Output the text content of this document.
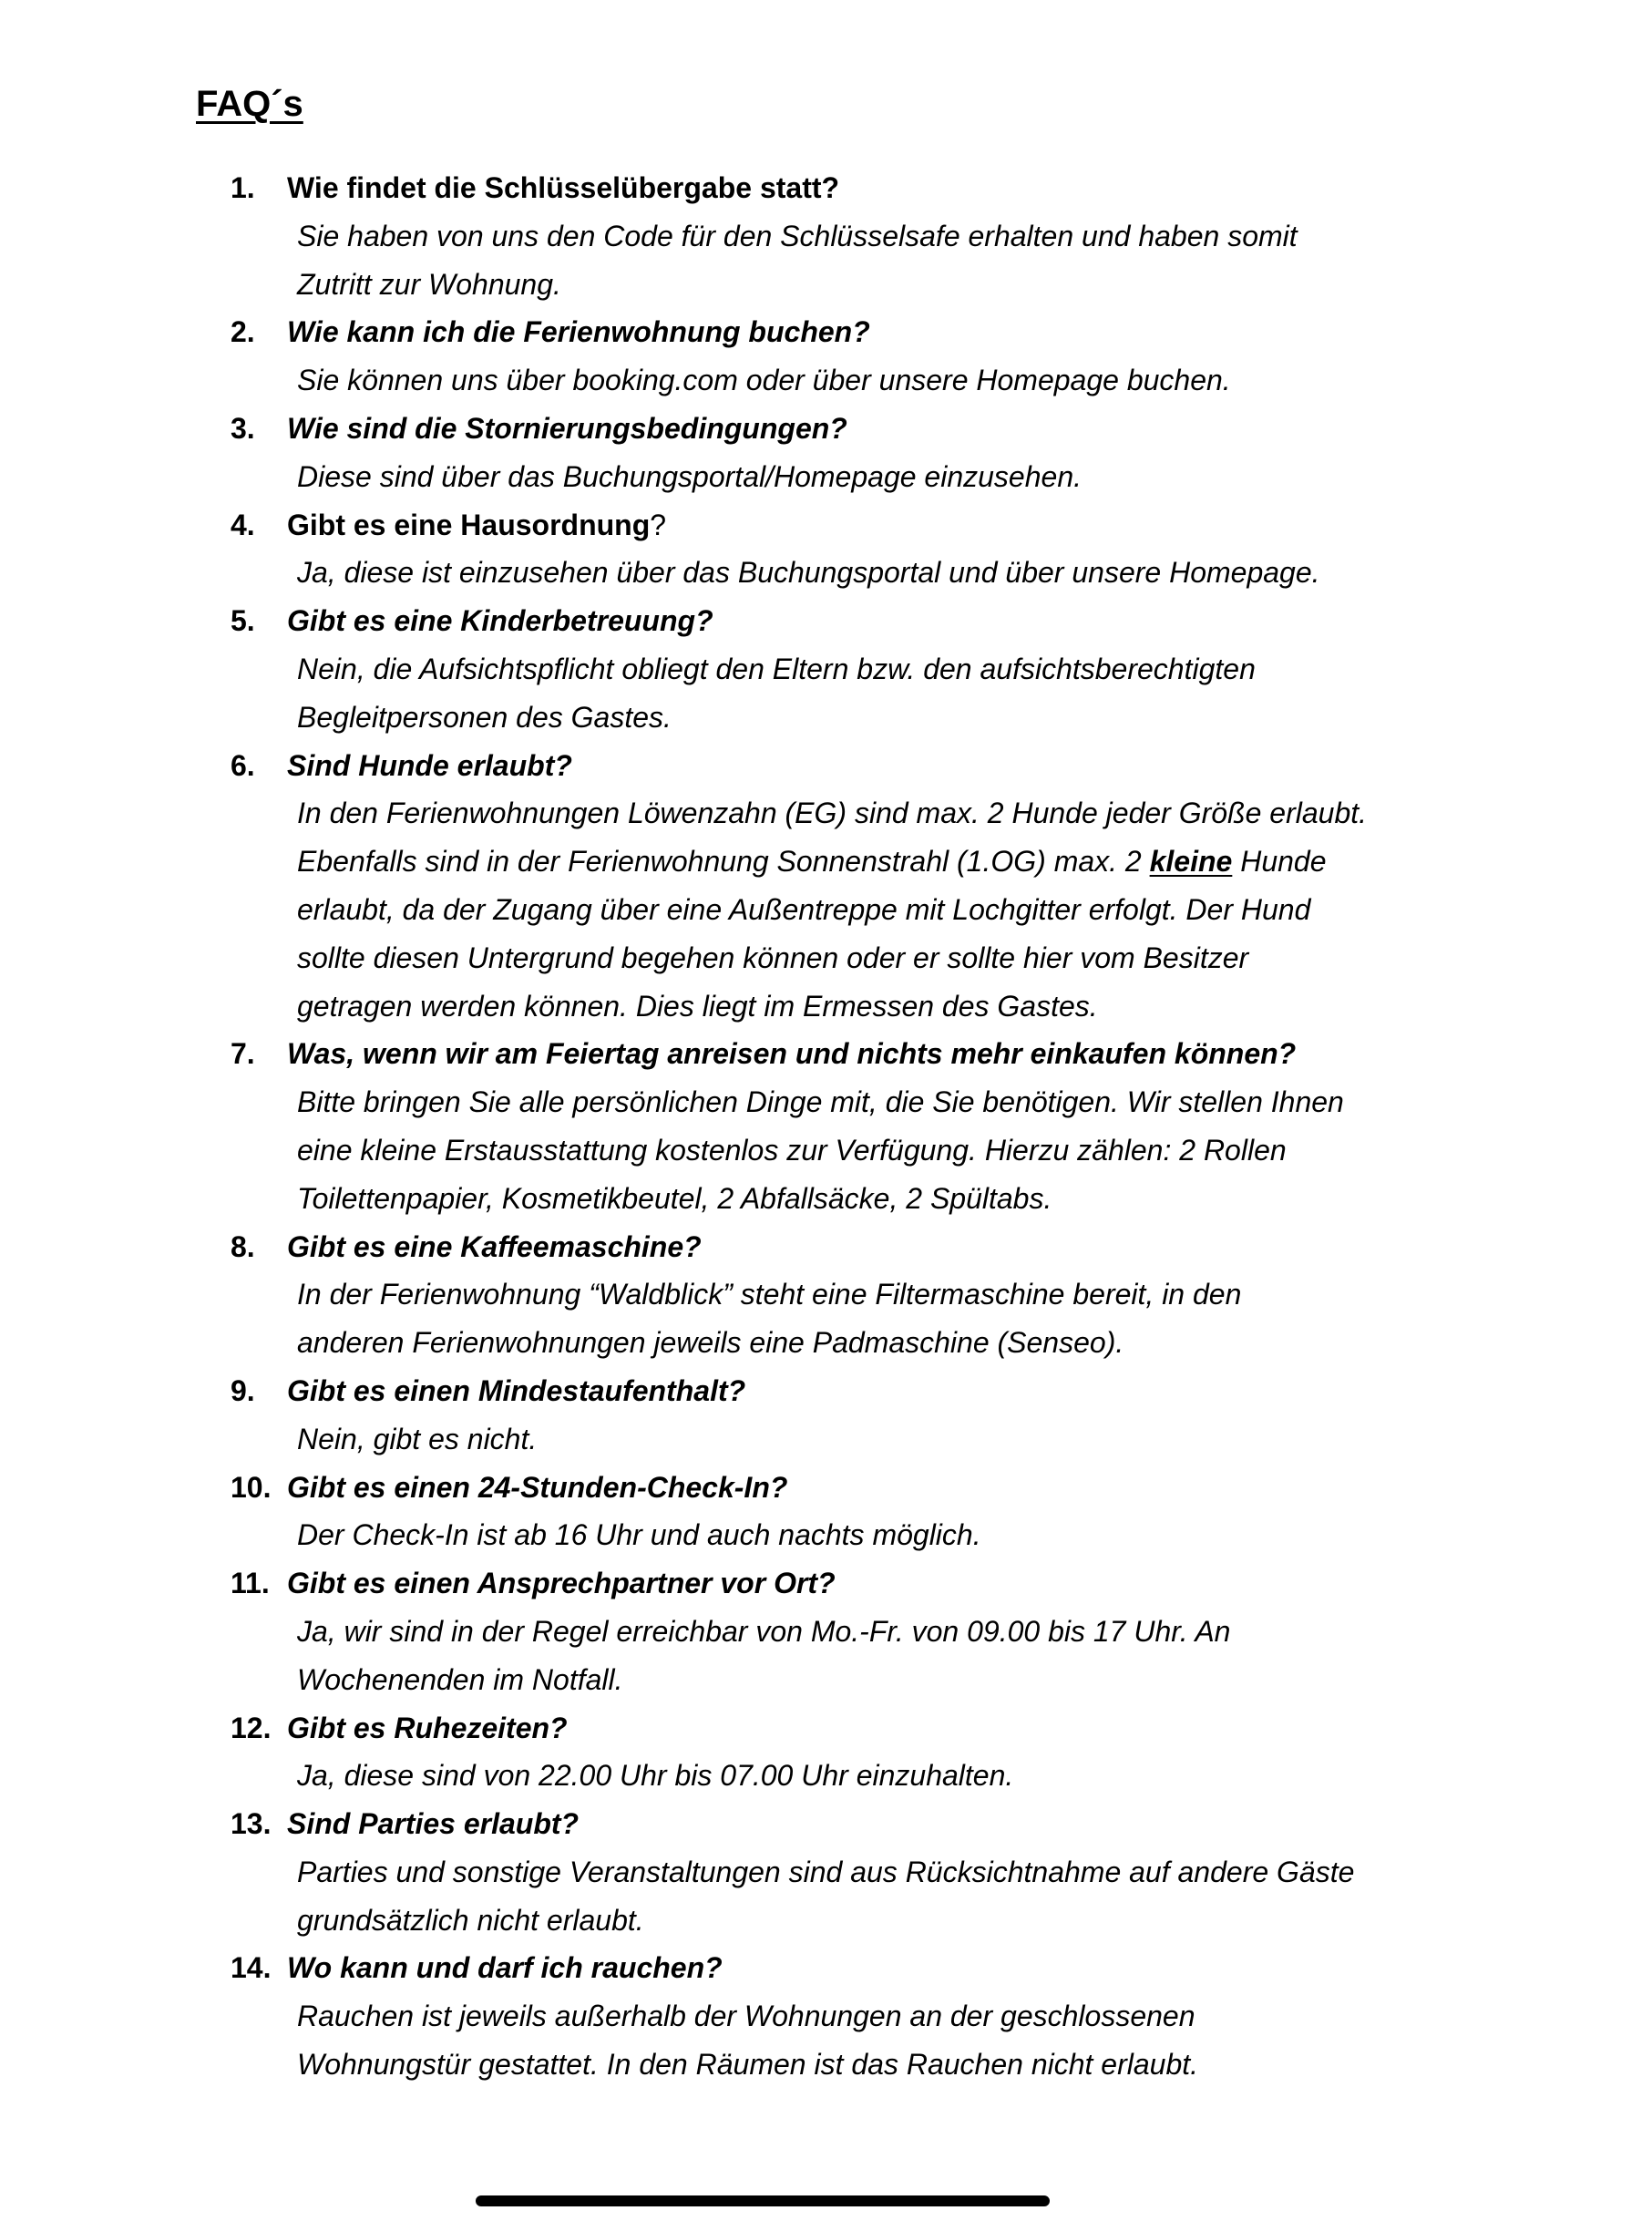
FAQ´s
1.	Wie findet die Schlüsselübergabe statt?
Sie haben von uns den Code für den Schlüsselsafe erhalten und haben somit
Zutritt zur Wohnung.
2.	Wie kann ich die Ferienwohnung buchen?
Sie können uns über booking.com oder über unsere Homepage buchen.
3.	Wie sind die Stornierungsbedingungen?
Diese sind über das Buchungsportal/Homepage einzusehen.
4.	Gibt es eine Hausordnung?
Ja, diese ist einzusehen über das Buchungsportal und über unsere Homepage.
5.	Gibt es eine Kinderbetreuung?
Nein, die Aufsichtspflicht obliegt den Eltern bzw. den aufsichtsberechtigten
Begleitpersonen des Gastes.
6.	Sind Hunde erlaubt?
In den Ferienwohnungen Löwenzahn (EG) sind max. 2 Hunde jeder Größe erlaubt.
Ebenfalls sind in der Ferienwohnung Sonnenstrahl (1.OG) max. 2 kleine Hunde
erlaubt, da der Zugang über eine Außentreppe mit Lochgitter erfolgt. Der Hund
sollte diesen Untergrund begehen können oder er sollte hier vom Besitzer
getragen werden können. Dies liegt im Ermessen des Gastes.
7.	Was, wenn wir am Feiertag anreisen und nichts mehr einkaufen können?
Bitte bringen Sie alle persönlichen Dinge mit, die Sie benötigen. Wir stellen Ihnen
eine kleine Erstausstattung kostenlos zur Verfügung. Hierzu zählen: 2 Rollen
Toilettenpapier, Kosmetikbeutel, 2 Abfallsäcke, 2 Spültabs.
8.	Gibt es eine Kaffeemaschine?
In der Ferienwohnung “Waldblick” steht eine Filtermaschine bereit, in den
anderen Ferienwohnungen jeweils eine Padmaschine (Senseo).
9.	Gibt es einen Mindestaufenthalt?
Nein, gibt es nicht.
10. Gibt es einen 24-Stunden-Check-In?
Der Check-In ist ab 16 Uhr und auch nachts möglich.
11. Gibt es einen Ansprechpartner vor Ort?
Ja, wir sind in der Regel erreichbar von Mo.-Fr. von 09.00 bis 17 Uhr. An
Wochenenden im Notfall.
12. Gibt es Ruhezeiten?
Ja, diese sind von 22.00 Uhr bis 07.00 Uhr einzuhalten.
13. Sind Parties erlaubt?
Parties und sonstige Veranstaltungen sind aus Rücksichtnahme auf andere Gäste
grundsätzlich nicht erlaubt.
14. Wo kann und darf ich rauchen?
Rauchen ist jeweils außerhalb der Wohnungen an der geschlossenen
Wohnungstür gestattet. In den Räumen ist das Rauchen nicht erlaubt.
